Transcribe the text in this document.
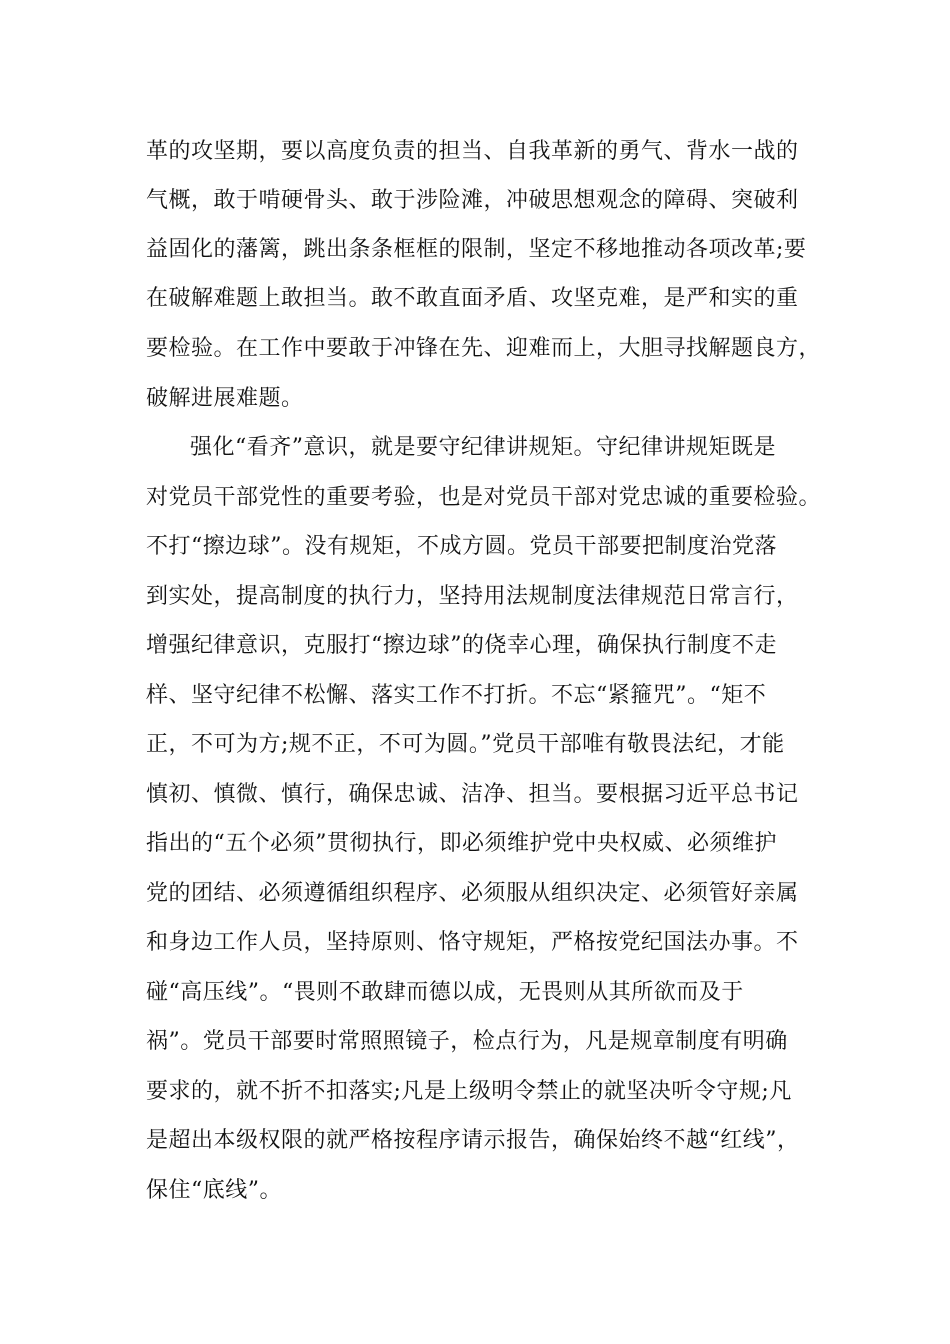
革的攻坚期，要以高度负责的担当、自我革新的勇气、背水一战的
气概，敢于啃硬骨头、敢于涉险滩，冲破思想观念的障碍、突破利
益固化的藩篱，跳出条条框框的限制，坚定不移地推动各项改革;要
在破解难题上敢担当。敢不敢直面矛盾、攻坚克难，是严和实的重
要检验。在工作中要敢于冲锋在先、迎难而上，大胆寻找解题良方，
破解进展难题。
强化“看齐”意识，就是要守纪律讲规矩。守纪律讲规矩既是
对党员干部党性的重要考验，也是对党员干部对党忠诚的重要检验。
不打“擦边球”。没有规矩，不成方圆。党员干部要把制度治党落
到实处，提高制度的执行力，坚持用法规制度法律规范日常言行，
增强纪律意识，克服打“擦边球”的侥幸心理，确保执行制度不走
样、坚守纪律不松懈、落实工作不打折。不忘“紧箍咒”。“矩不
正，不可为方;规不正，不可为圆。”党员干部唯有敬畏法纪，才能
慎初、慎微、慎行，确保忠诚、洁净、担当。要根据习近平总书记
指出的“五个必须”贯彻执行，即必须维护党中央权威、必须维护
党的团结、必须遵循组织程序、必须服从组织决定、必须管好亲属
和身边工作人员，坚持原则、恪守规矩，严格按党纪国法办事。不
碰“高压线”。“畏则不敢肆而德以成，无畏则从其所欲而及于
祸”。党员干部要时常照照镜子，检点行为，凡是规章制度有明确
要求的，就不折不扣落实;凡是上级明令禁止的就坚决听令守规;凡
是超出本级权限的就严格按程序请示报告，确保始终不越“红线”，
保住“底线”。
